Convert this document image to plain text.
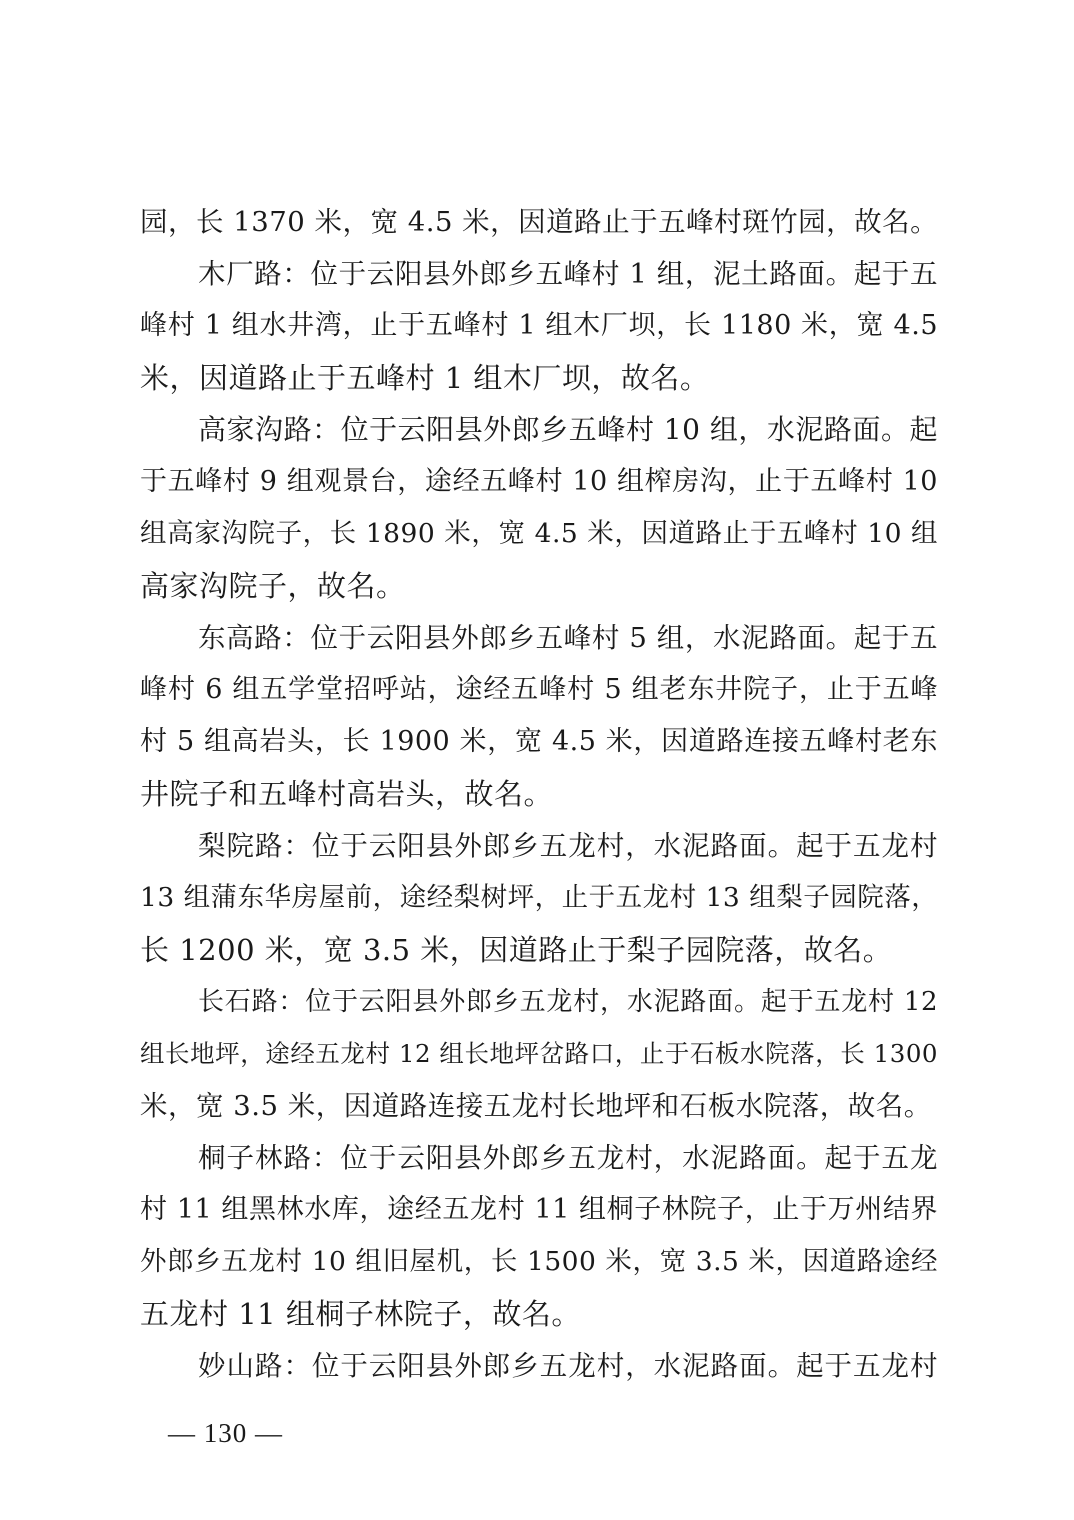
园，长 1370 米，宽 4.5 米，因道路止于五峰村斑竹园，故名。
木厂路：位于云阳县外郎乡五峰村 1 组，泥土路面。起于五
峰村 1 组水井湾，止于五峰村 1 组木厂坝，长 1180 米，宽 4.5
米，因道路止于五峰村 1 组木厂坝，故名。
高家沟路：位于云阳县外郎乡五峰村 10 组，水泥路面。起
于五峰村 9 组观景台，途经五峰村 10 组榨房沟，止于五峰村 10
组高家沟院子，长 1890 米，宽 4.5 米，因道路止于五峰村 10 组
高家沟院子，故名。
东高路：位于云阳县外郎乡五峰村 5 组，水泥路面。起于五
峰村 6 组五学堂招呼站，途经五峰村 5 组老东井院子，止于五峰
村 5 组高岩头，长 1900 米，宽 4.5 米，因道路连接五峰村老东
井院子和五峰村高岩头，故名。
梨院路：位于云阳县外郎乡五龙村，水泥路面。起于五龙村
13 组蒲东华房屋前，途经梨树坪，止于五龙村 13 组梨子园院落，
长 1200 米，宽 3.5 米，因道路止于梨子园院落，故名。
长石路：位于云阳县外郎乡五龙村，水泥路面。起于五龙村 12
组长地坪，途经五龙村 12 组长地坪岔路口，止于石板水院落，长 1300
米，宽 3.5 米，因道路连接五龙村长地坪和石板水院落，故名。
桐子林路：位于云阳县外郎乡五龙村，水泥路面。起于五龙
村 11 组黑林水库，途经五龙村 11 组桐子林院子，止于万州结界
外郎乡五龙村 10 组旧屋机，长 1500 米，宽 3.5 米，因道路途经
五龙村 11 组桐子林院子，故名。
妙山路：位于云阳县外郎乡五龙村，水泥路面。起于五龙村
— 130 —
